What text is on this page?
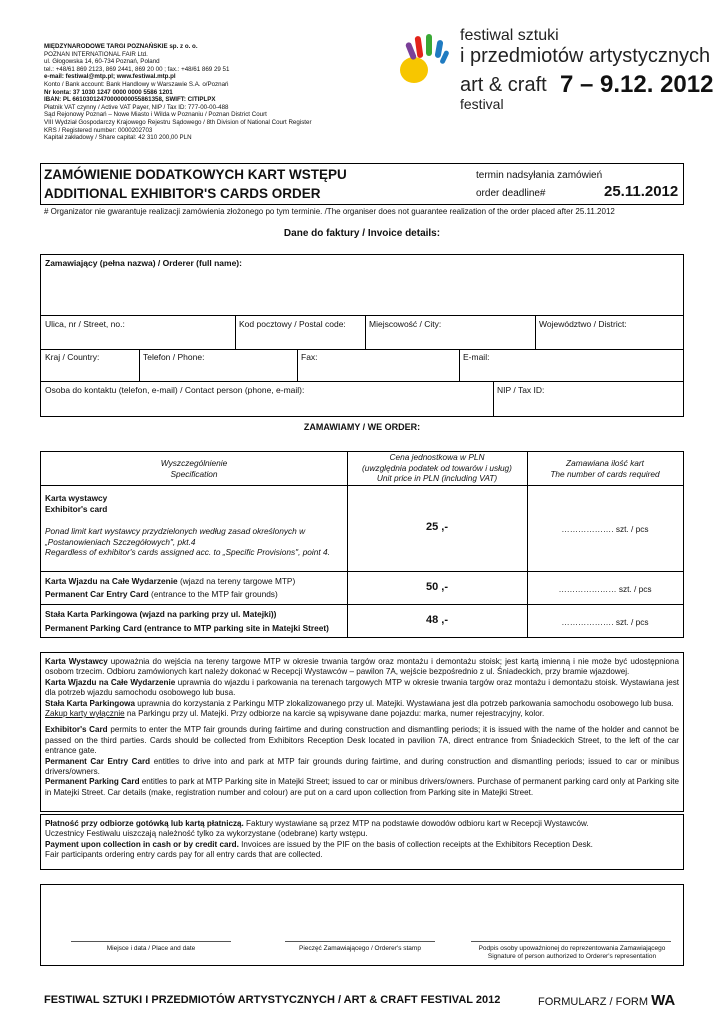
MIĘDZYNARODOWE TARGI POZNAŃSKIE sp. z o. o.
POZNAN INTERNATIONAL FAIR Ltd.
ul. Głogowska 14, 60-734 Poznań, Poland
tel.: +48/61 869 2123, 869 2441, 869 20 00 ; fax.: +48/61 869 29 51
e-mail: festiwal@mtp.pl; www.festiwal.mtp.pl
Konto / Bank account: Bank Handlowy w Warszawie S.A. o/Poznań
Nr konta: 37 1030 1247 0000 0000 5586 1201
IBAN: PL 66103012470000000055861358, SWIFT: CITIPLPX
Płatnik VAT czynny / Active VAT Payer, NIP / Tax ID: 777-00-00-488
Sąd Rejonowy Poznań – Nowe Miasto i Wilda w Poznaniu / Poznan District Court
VIII Wydział Gospodarczy Krajowego Rejestru Sądowego / 8th Division of National Court Register
KRS / Registered number: 0000202703
Kapitał zakładowy / Share capital: 42 310 200,00 PLN
festiwal sztuki
i przedmiotów artystycznych
art & craft 7 – 9.12. 2012
festival
ZAMÓWIENIE DODATKOWYCH KART WSTĘPU
ADDITIONAL EXHIBITOR'S CARDS ORDER
termin nadsyłania zamówień
order deadline#	25.11.2012
# Organizator nie gwarantuje realizacji zamówienia złożonego po tym terminie. /The organiser does not guarantee realization of the order placed after 25.11.2012
Dane do faktury / Invoice details:
Zamawiający (pełna nazwa) / Orderer (full name):
Ulica, nr / Street, no.:	Kod pocztowy / Postal code:	Miejscowość / City:	Województwo / District:
Kraj / Country:	Telefon / Phone:	Fax:	E-mail:
Osoba do kontaktu (telefon, e-mail) / Contact person (phone, e-mail):	NIP / Tax ID:
ZAMAWIAMY / WE ORDER:
Wyszczególnienie
Specification
Cena jednostkowa w PLN
(uwzględnia podatek od towarów i usług)
Unit price in PLN (including VAT)
Zamawiana ilość kart
The number of cards required
Karta wystawcy
Exhibitor's card
Ponad limit kart wystawcy przydzielonych według zasad określonych w
„Postanowieniach Szczegółowych", pkt.4
Regardless of exhibitor's cards assigned acc. to „Specific Provisions", point 4.
25 ,-	………………. szt. / pcs
Karta Wjazdu na Całe Wydarzenie (wjazd na tereny targowe MTP)
Permanent Car Entry Card (entrance to the MTP fair grounds)
50 ,-	………………… szt. / pcs
Stała Karta Parkingowa (wjazd na parking przy ul. Matejki))
Permanent Parking Card (entrance to MTP parking site in Matejki Street)
48 ,-	………………. szt. / pcs

Karta Wystawcy upoważnia do wejścia na tereny targowe MTP w okresie trwania targów oraz montażu i demontażu stoisk; jest kartą imienną i nie może być udostępniona osobom trzecim. Odbioru zamówionych kart należy dokonać w Recepcji Wystawców – pawilon 7A, wejście bezpośrednio z ul. Śniadeckich, przy bramie wjazdowej.

Karta Wjazdu na Całe Wydarzenie uprawnia do wjazdu i parkowania na terenach targowych MTP w okresie trwania targów oraz montażu i demontażu stoisk. Wystawiana jest dla potrzeb wjazdu samochodu osobowego lub busa.

Stała Karta Parkingowa uprawnia do korzystania z Parkingu MTP zlokalizowanego przy ul. Matejki. Wystawiana jest dla potrzeb parkowania samochodu osobowego lub busa.
Zakup karty wyłącznie na Parkingu przy ul. Matejki. Przy odbiorze na karcie są wpisywane dane pojazdu: marka, numer rejestracyjny, kolor.

Exhibitor's Card permits to enter the MTP fair grounds during fairtime and during construction and dismantling periods; it is issued with the name of the holder and cannot be passed on the third parties. Cards should be collected from Exhibitors Reception Desk located in pavilion 7A, direct entrance from Śniadeckich Street, to the left of the car entrance gate.

Permanent Car Entry Card entitles to drive into and park at MTP fair grounds during fairtime, and during construction and dismantling periods; issued to car or minibus drivers/owners.

Permanent Parking Card entitles to park at MTP Parking site in Matejki Street; issued to car or minibus drivers/owners. Purchase of permanent parking card only at Parking site in Matejki Street. Car details (make, registration number and colour) are put on a card upon collection from Parking site in Matejki Street.

Płatność przy odbiorze gotówką lub kartą płatniczą. Faktury wystawiane są przez MTP na podstawie dowodów odbioru kart w Recepcji Wystawców.

Uczestnicy Festiwalu uiszczają należność tylko za wykorzystane (odebrane) karty wstępu.

Payment upon collection in cash or by credit card. Invoices are issued by the PIF on the basis of collection receipts at the Exhibitors Reception Desk.

Fair participants ordering entry cards pay for all entry cards that are collected.

Miejsce i data / Place and date	Pieczęć Zamawiającego / Orderer's stamp	Podpis osoby upoważnionej do reprezentowania Zamawiającego
Signature of person authorized to Orderer's representation
FESTIWAL SZTUKI I PRZEDMIOTÓW ARTYSTYCZNYCH / ART & CRAFT FESTIVAL 2012	FORMULARZ / FORM WA
